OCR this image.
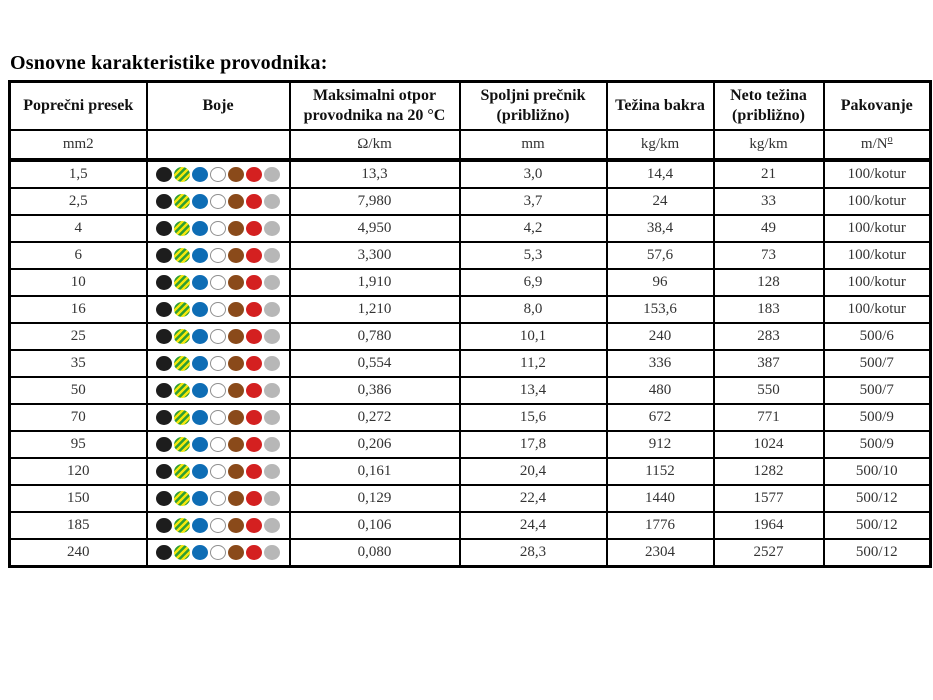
Osnovne karakteristike provodnika:
Poprečni presek	Boje	Maksimalni otpor provodnika na 20 °C	Spoljni prečnik (približno)	Težina bakra	Neto težina (približno)	Pakovanje
mm2		Ω/km	mm	kg/km	kg/km	$m/N^o$
1,5		13,3	3,0	14,4	21	100/kotur
2,5		7,980	3,7	24	33	100/kotur
4		4,950	4,2	38,4	49	100/kotur
6		3,300	5,3	57,6	73	100/kotur
10		1,910	6,9	96	128	100/kotur
16		1,210	8,0	153,6	183	100/kotur
25		0,780	10,1	240	283	500/6
35		0,554	11,2	336	387	500/7
50		0,386	13,4	480	550	500/7
70		0,272	15,6	672	771	500/9
95		0,206	17,8	912	1024	500/9
120		0,161	20,4	1152	1282	500/10
150		0,129	22,4	1440	1577	500/12
185		0,106	24,4	1776	1964	500/12
240		0,080	28,3	2304	2527	500/12
